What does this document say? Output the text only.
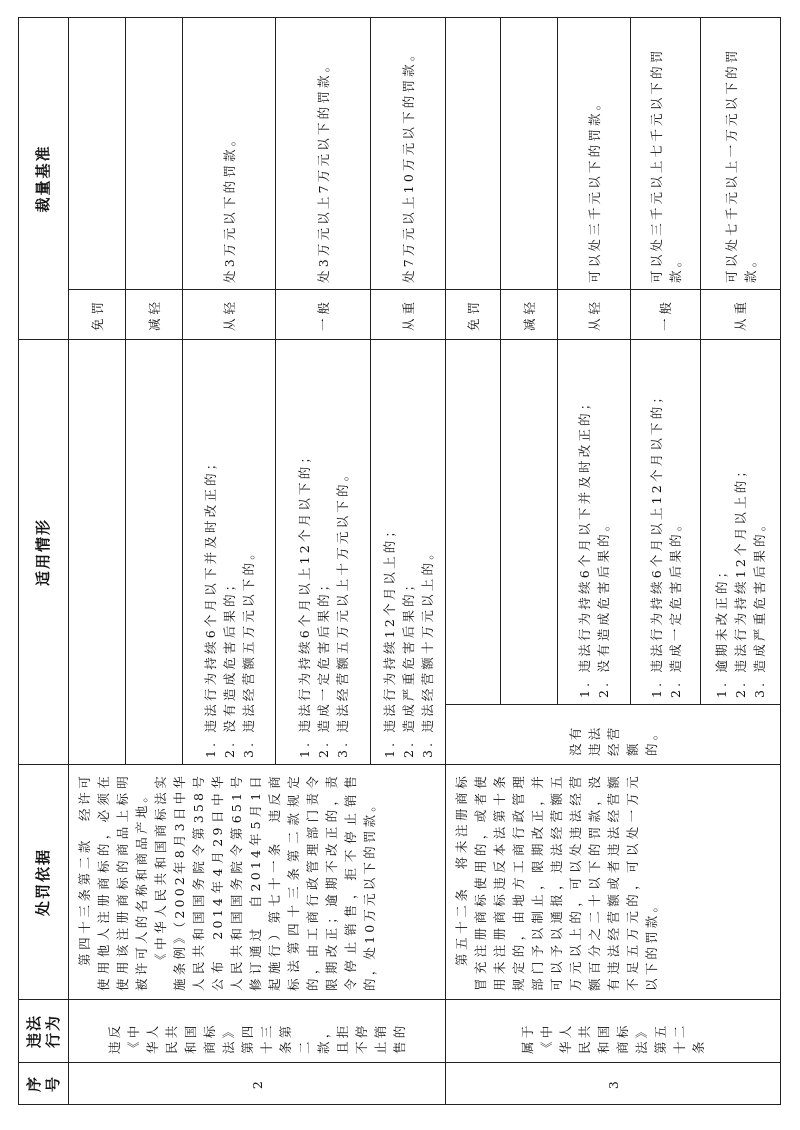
序号	违法行为	处罚依据	适用情形		裁量基准	
2	违反《中华人民共和国商标法》第四十三条第二款，且拒不停止销售的	第四十三条第二款　经许可使用他人注册商标的，必须在使用该注册商标的商品上标明被许可人的名称和商品产地。 《中华人民共和国商标法实施条例》（2002年8月3日中华人民共和国国务院令第358号公布　2014年4月29日中华人民共和国国务院令第651号修订通过　自2014年5月1日起施行）第七十一条　违反商标法第四十三条第二款规定的，由工商行政管理部门责令限期改正；逾期不改正的，责令停止销售，拒不停止销售的，处10万元以下的罚款。			免罚	
					减轻	

			1. 违法行为持续6个月以下并及时改正的； 2. 没有造成危害后果的； 3. 违法经营额五万元以下的。		从轻	处3万元以下的罚款。

			1. 违法行为持续6个月以上12个月以下的； 2. 造成一定危害后果的； 3. 违法经营额五万元以上十万元以下的。		一般	处3万元以上7万元以下的罚款。

			1. 违法行为持续12个月以上的； 2. 造成严重危害后果的； 3. 违法经营额十万元以上的。		从重	处7万元以上10万元以下的罚款。
3	属于《中华人民共和国商标法》第五十二条	第五十二条　将未注册商标冒充注册商标使用的，或者使用未注册商标违反本法第十条规定的，由地方工商行政管理部门予以制止，限期改正，并可以予以通报，违法经营额五万元以上的，可以处违法经营额百分之二十以下的罚款，没有违法经营额或者违法经营额不足五万元的，可以处一万元以下的罚款。	没有违法经营额的。		免罚	
					减轻	

				1. 违法行为持续6个月以下并及时改正的； 2. 没有造成危害后果的。	从轻	可以处三千元以下的罚款。

				1. 违法行为持续6个月以上12个月以下的； 2. 造成一定危害后果的。	一般	可以处三千元以上七千元以下的罚款。

				1. 逾期未改正的； 2. 违法行为持续12个月以上的； 3. 造成严重危害后果的。	从重	可以处七千元以上一万元以下的罚款。
